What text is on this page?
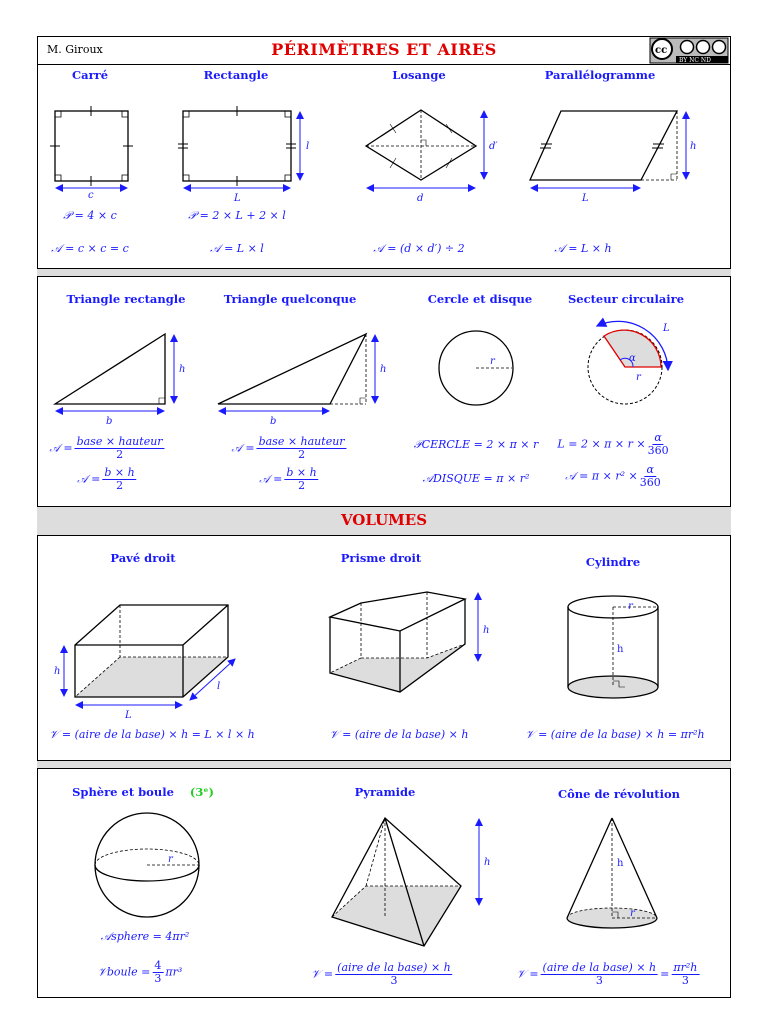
M. Giroux	PÉRIMÈTRES ET AIRES	cc
BY NC ND
VOLUMES
Carré	Rectangle	Losange	Parallélogramme
c	L
l
d
d′
L
h
b
h
b
h
r
L
α
r
h
L
l
h
r
h
r	h	h
r
𝒫 = 4 × c
𝒜 = c × c = c
𝒫 = 2 × L + 2 × l
𝒜 = L × l	𝒜 = (d × d′) ÷ 2	𝒜 = L × h
Triangle rectangle	Triangle quelconque	Cercle et disque	Secteur circulaire
𝒜 = base × hauteur
2
𝒜 = $\frac{b \times h}{2}$
𝒜 = base × hauteur
2
𝒜 = $\frac{b \times h}{2}$
𝒫CERCLE = 2 × π × r
𝒜DISQUE = π × r²
$L = 2 \times \pi \times r \times \frac{\alpha}{360}$
𝒜 = $\pi \times r^2 \times \frac{\alpha}{360}$
Pavé droit	Prisme droit	Cylindre
𝒱 = (aire de la base) × h = L × l × h	𝒱 = (aire de la base) × h	𝒱 = (aire de la base) × h = πr²h
Sphère et boule (3ᵉ)	Pyramide	Cône de révolution
𝒜sphere = 4πr²
𝒱boule = $\frac{4}{3} \pi r^3$	𝒱 = (aire de la base) × h
3	𝒱 = (aire de la base) × h
3	= $\frac{\text{πr²h}}{3}$
